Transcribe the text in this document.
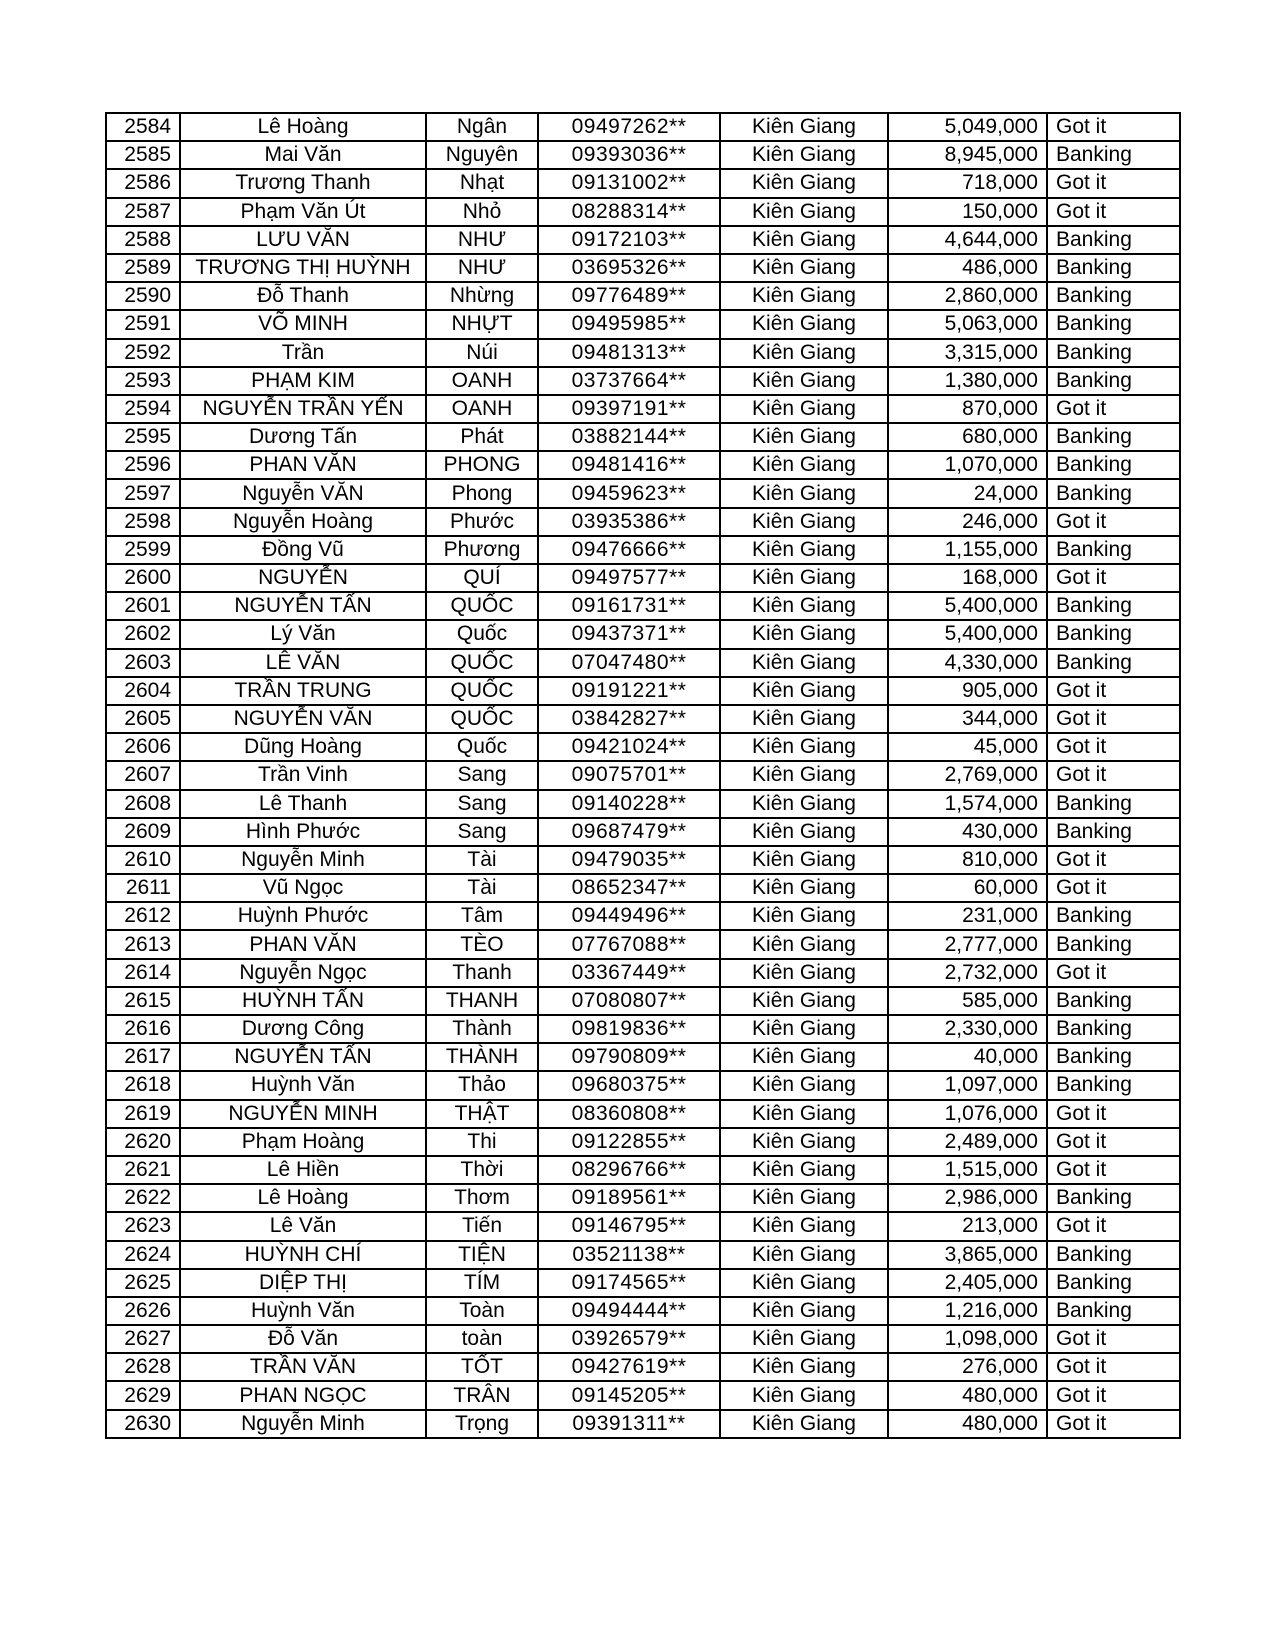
2584	Lê Hoàng	Ngân	09497262**	Kiên Giang	5,049,000	Got it
2585	Mai Văn	Nguyên	09393036**	Kiên Giang	8,945,000	Banking
2586	Trương Thanh	Nhạt	09131002**	Kiên Giang	718,000	Got it
2587	Phạm Văn Út	Nhỏ	08288314**	Kiên Giang	150,000	Got it
2588	LƯU VĂN	NHƯ	09172103**	Kiên Giang	4,644,000	Banking
2589	TRƯƠNG THỊ HUỲNH	NHƯ	03695326**	Kiên Giang	486,000	Banking
2590	Đỗ Thanh	Nhừng	09776489**	Kiên Giang	2,860,000	Banking
2591	VÕ MINH	NHỰT	09495985**	Kiên Giang	5,063,000	Banking
2592	Trần	Núi	09481313**	Kiên Giang	3,315,000	Banking
2593	PHẠM KIM	OANH	03737664**	Kiên Giang	1,380,000	Banking
2594	NGUYỄN TRẦN YẾN	OANH	09397191**	Kiên Giang	870,000	Got it
2595	Dương Tấn	Phát	03882144**	Kiên Giang	680,000	Banking
2596	PHAN VĂN	PHONG	09481416**	Kiên Giang	1,070,000	Banking
2597	Nguyễn VĂN	Phong	09459623**	Kiên Giang	24,000	Banking
2598	Nguyễn Hoàng	Phước	03935386**	Kiên Giang	246,000	Got it
2599	Đồng Vũ	Phương	09476666**	Kiên Giang	1,155,000	Banking
2600	NGUYỄN	QUÍ	09497577**	Kiên Giang	168,000	Got it
2601	NGUYỄN TẤN	QUỐC	09161731**	Kiên Giang	5,400,000	Banking
2602	Lý Văn	Quốc	09437371**	Kiên Giang	5,400,000	Banking
2603	LÊ VĂN	QUỐC	07047480**	Kiên Giang	4,330,000	Banking
2604	TRẦN TRUNG	QUỐC	09191221**	Kiên Giang	905,000	Got it
2605	NGUYỄN VĂN	QUỐC	03842827**	Kiên Giang	344,000	Got it
2606	Dũng Hoàng	Quốc	09421024**	Kiên Giang	45,000	Got it
2607	Trần Vinh	Sang	09075701**	Kiên Giang	2,769,000	Got it
2608	Lê Thanh	Sang	09140228**	Kiên Giang	1,574,000	Banking
2609	Hình Phước	Sang	09687479**	Kiên Giang	430,000	Banking
2610	Nguyễn Minh	Tài	09479035**	Kiên Giang	810,000	Got it
2611	Vũ Ngọc	Tài	08652347**	Kiên Giang	60,000	Got it
2612	Huỳnh Phước	Tâm	09449496**	Kiên Giang	231,000	Banking
2613	PHAN VĂN	TÈO	07767088**	Kiên Giang	2,777,000	Banking
2614	Nguyễn Ngọc	Thanh	03367449**	Kiên Giang	2,732,000	Got it
2615	HUỲNH TẤN	THANH	07080807**	Kiên Giang	585,000	Banking
2616	Dương Công	Thành	09819836**	Kiên Giang	2,330,000	Banking
2617	NGUYỄN TẤN	THÀNH	09790809**	Kiên Giang	40,000	Banking
2618	Huỳnh Văn	Thảo	09680375**	Kiên Giang	1,097,000	Banking
2619	NGUYỄN MINH	THẬT	08360808**	Kiên Giang	1,076,000	Got it
2620	Phạm Hoàng	Thi	09122855**	Kiên Giang	2,489,000	Got it
2621	Lê Hiền	Thời	08296766**	Kiên Giang	1,515,000	Got it
2622	Lê Hoàng	Thơm	09189561**	Kiên Giang	2,986,000	Banking
2623	Lê Văn	Tiến	09146795**	Kiên Giang	213,000	Got it
2624	HUỲNH CHÍ	TIỆN	03521138**	Kiên Giang	3,865,000	Banking
2625	DIỆP THỊ	TÍM	09174565**	Kiên Giang	2,405,000	Banking
2626	Huỳnh Văn	Toàn	09494444**	Kiên Giang	1,216,000	Banking
2627	Đỗ Văn	toàn	03926579**	Kiên Giang	1,098,000	Got it
2628	TRẦN VĂN	TỐT	09427619**	Kiên Giang	276,000	Got it
2629	PHAN NGỌC	TRÂN	09145205**	Kiên Giang	480,000	Got it
2630	Nguyễn Minh	Trọng	09391311**	Kiên Giang	480,000	Got it
